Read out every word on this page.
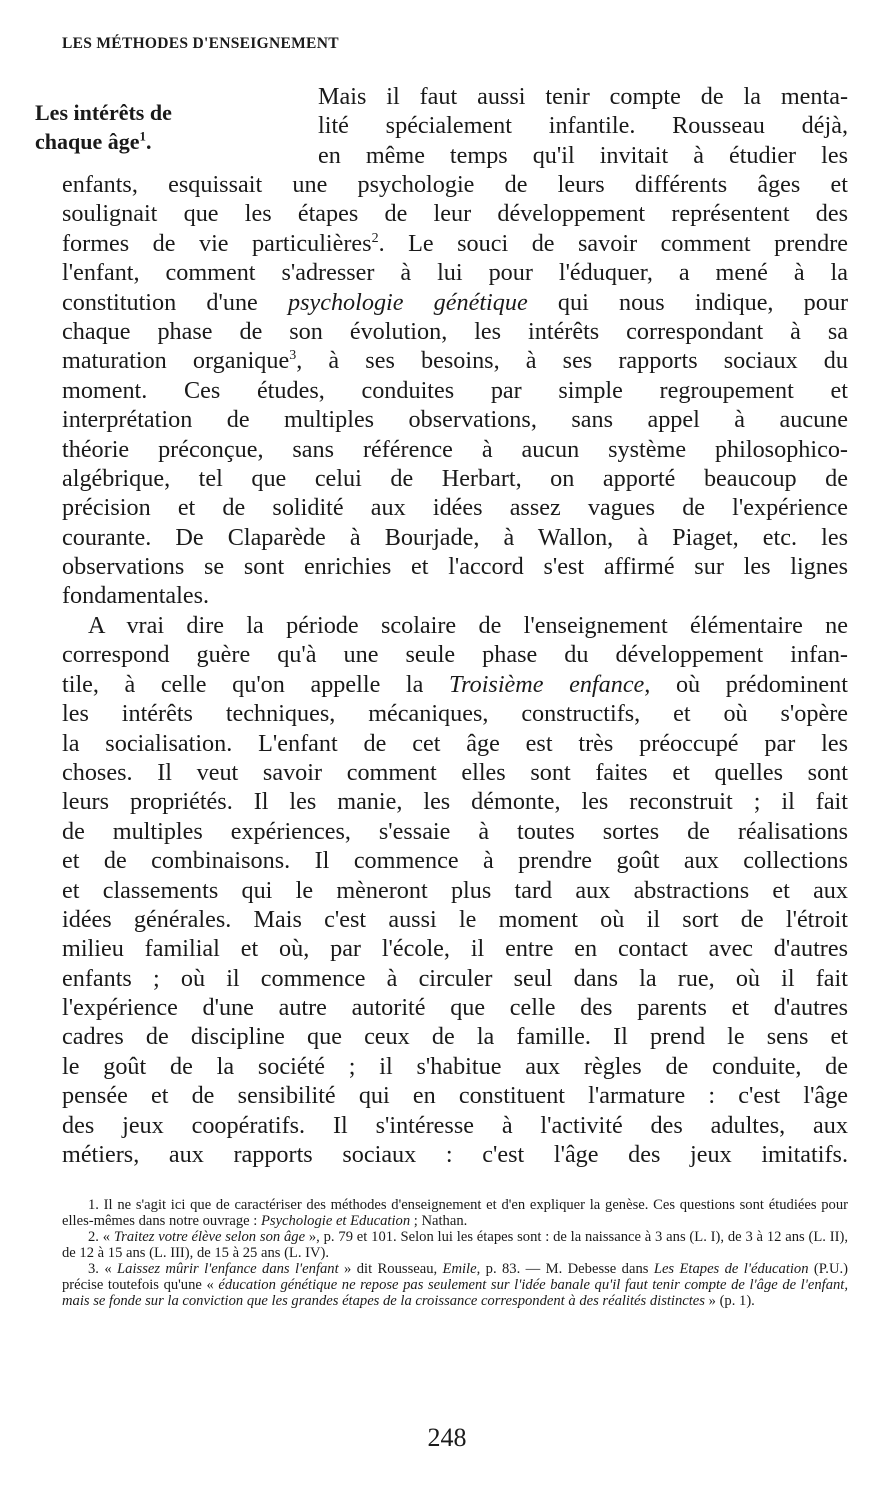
LES MÉTHODES D'ENSEIGNEMENT
Les intérêts de
chaque âge$^1$.
Mais il faut aussi tenir compte de la menta-
lité spécialement infantile. Rousseau déjà,
en même temps qu'il invitait à étudier les
enfants, esquissait une psychologie de leurs différents âges et
soulignait que les étapes de leur développement représentent des
formes de vie particulières$^2$. Le souci de savoir comment prendre
l'enfant, comment s'adresser à lui pour l'éduquer, a mené à la
constitution d'une psychologie génétique qui nous indique, pour
chaque phase de son évolution, les intérêts correspondant à sa
maturation organique$^3$, à ses besoins, à ses rapports sociaux du
moment. Ces études, conduites par simple regroupement et
interprétation de multiples observations, sans appel à aucune
théorie préconçue, sans référence à aucun système philosophico-
algébrique, tel que celui de Herbart, on apporté beaucoup de
précision et de solidité aux idées assez vagues de l'expérience
courante. De Claparède à Bourjade, à Wallon, à Piaget, etc. les
observations se sont enrichies et l'accord s'est affirmé sur les lignes
fondamentales.
A vrai dire la période scolaire de l'enseignement élémentaire ne
correspond guère qu'à une seule phase du développement infan-
tile, à celle qu'on appelle la Troisième enfance, où prédominent
les intérêts techniques, mécaniques, constructifs, et où s'opère
la socialisation. L'enfant de cet âge est très préoccupé par les
choses. Il veut savoir comment elles sont faites et quelles sont
leurs propriétés. Il les manie, les démonte, les reconstruit ; il fait
de multiples expériences, s'essaie à toutes sortes de réalisations
et de combinaisons. Il commence à prendre goût aux collections
et classements qui le mèneront plus tard aux abstractions et aux
idées générales. Mais c'est aussi le moment où il sort de l'étroit
milieu familial et où, par l'école, il entre en contact avec d'autres
enfants ; où il commence à circuler seul dans la rue, où il fait
l'expérience d'une autre autorité que celle des parents et d'autres
cadres de discipline que ceux de la famille. Il prend le sens et
le goût de la société ; il s'habitue aux règles de conduite, de
pensée et de sensibilité qui en constituent l'armature : c'est l'âge
des jeux coopératifs. Il s'intéresse à l'activité des adultes, aux
métiers, aux rapports sociaux : c'est l'âge des jeux imitatifs.

1. Il ne s'agit ici que de caractériser des méthodes d'enseignement et d'en expliquer la genèse. Ces questions sont étudiées pour elles-mêmes dans notre ouvrage : Psychologie et Education ; Nathan.

2. « Traitez votre élève selon son âge », p. 79 et 101. Selon lui les étapes sont : de la naissance à 3 ans (L. I), de 3 à 12 ans (L. II), de 12 à 15 ans (L. III), de 15 à 25 ans (L. IV).

3. « Laissez mûrir l'enfance dans l'enfant » dit Rousseau, Emile, p. 83. — M. Debesse dans Les Etapes de l'éducation (P.U.) précise toutefois qu'une « éducation génétique ne repose pas seulement sur l'idée banale qu'il faut tenir compte de l'âge de l'enfant, mais se fonde sur la conviction que les grandes étapes de la croissance correspondent à des réalités distinctes » (p. 1).

248
